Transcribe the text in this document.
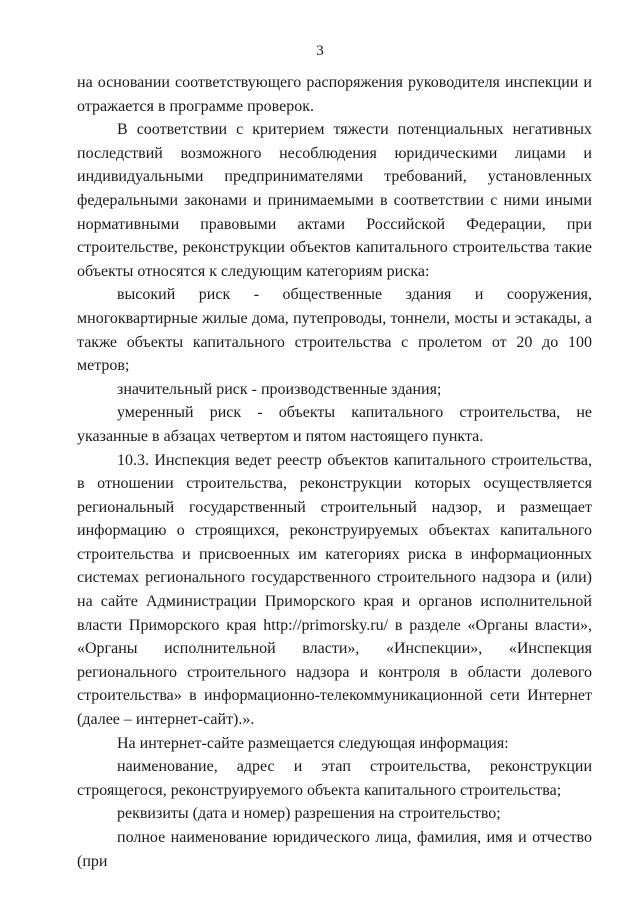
3

на основании соответствующего распоряжения руководителя инспекции и отражается в программе проверок.

В соответствии с критерием тяжести потенциальных негативных последствий возможного несоблюдения юридическими лицами и индивидуальными предпринимателями требований, установленных федеральными законами и принимаемыми в соответствии с ними иными нормативными правовыми актами Российской Федерации, при строительстве, реконструкции объектов капитального строительства такие объекты относятся к следующим категориям риска:

высокий риск - общественные здания и сооружения, многоквартирные жилые дома, путепроводы, тоннели, мосты и эстакады, а также объекты капитального строительства с пролетом от 20 до 100 метров;

значительный риск - производственные здания;

умеренный риск - объекты капитального строительства, не указанные в абзацах четвертом и пятом настоящего пункта.

10.3. Инспекция ведет реестр объектов капитального строительства, в отношении строительства, реконструкции которых осуществляется региональный государственный строительный надзор, и размещает информацию о строящихся, реконструируемых объектах капитального строительства и присвоенных им категориях риска в информационных системах регионального государственного строительного надзора и (или) на сайте Администрации Приморского края и органов исполнительной власти Приморского края http://primorsky.ru/ в разделе «Органы власти», «Органы исполнительной власти», «Инспекции», «Инспекция регионального строительного надзора и контроля в области долевого строительства» в информационно-телекоммуникационной сети Интернет (далее – интернет-сайт).».

На интернет-сайте размещается следующая информация:

наименование, адрес и этап строительства, реконструкции строящегося, реконструируемого объекта капитального строительства;

реквизиты (дата и номер) разрешения на строительство;

полное наименование юридического лица, фамилия, имя и отчество (при
